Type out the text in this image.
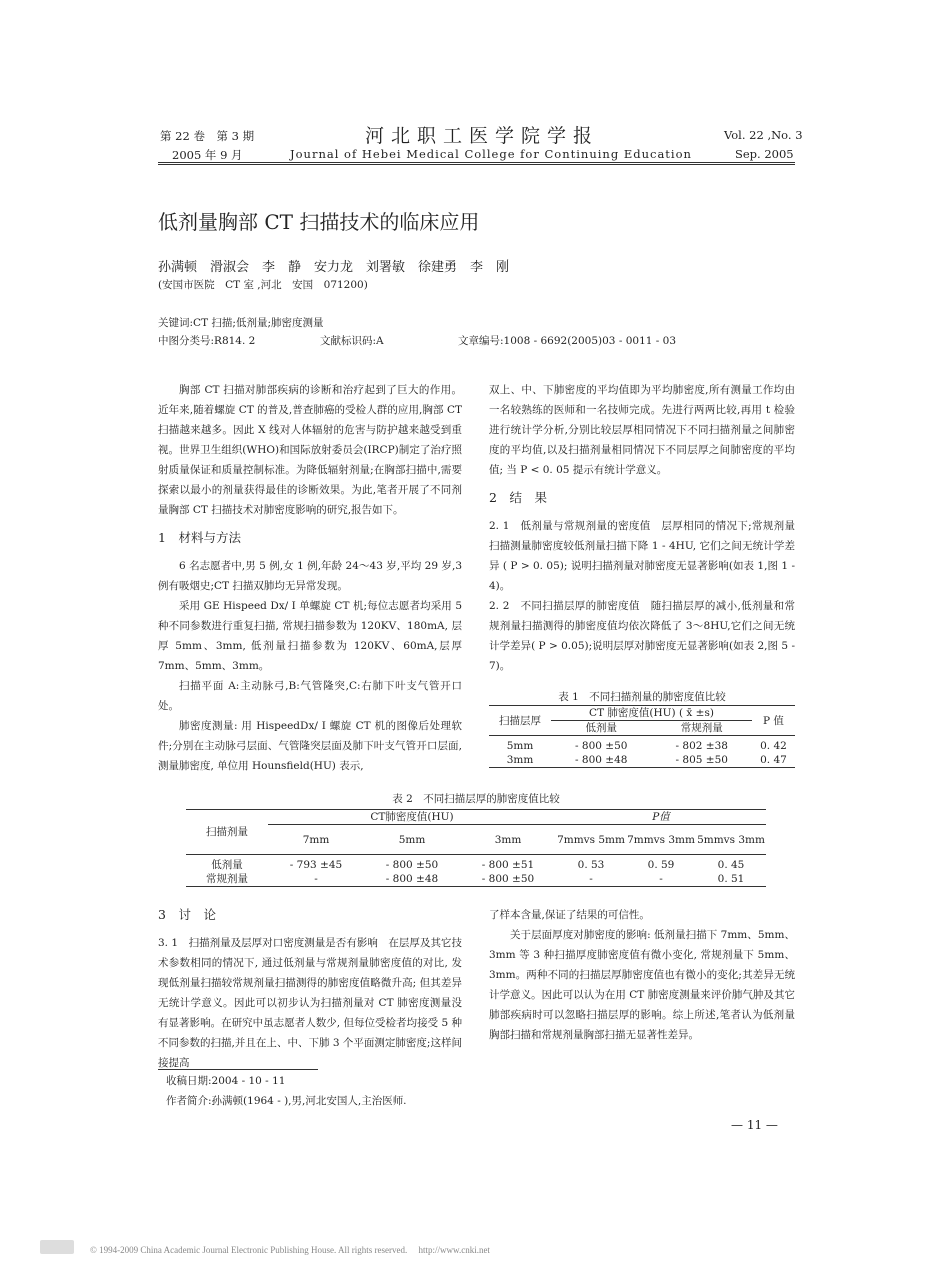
第 22 卷　第 3 期
2005 年 9 月
河北职工医学院学报
Journal of Hebei Medical College for Continuing Education
Vol. 22 ,No. 3
Sep. 2005
低剂量胸部 CT 扫描技术的临床应用
孙满顿　滑淑会　李　静　安力龙　刘署敏　徐建勇　李　刚
(安国市医院　CT 室 ,河北　安国　071200)
关键词:CT 扫描;低剂量;肺密度测量
中图分类号:R814. 2	文献标识码:A	文章编号:1008 - 6692(2005)03 - 0011 - 03

胸部 CT 扫描对肺部疾病的诊断和治疗起到了巨大的作用。近年来,随着螺旋 CT 的普及,普查肺癌的受检人群的应用,胸部 CT 扫描越来越多。因此 X 线对人体辐射的危害与防护越来越受到重视。世界卫生组织(WHO)和国际放射委员会(IRCP)制定了治疗照射质量保证和质量控制标准。为降低辐射剂量;在胸部扫描中,需要探索以最小的剂量获得最佳的诊断效果。为此,笔者开展了不同剂量胸部 CT 扫描技术对肺密度影响的研究,报告如下。

1　材料与方法

6 名志愿者中,男 5 例,女 1 例,年龄 24～43 岁,平均 29 岁,3 例有吸烟史;CT 扫描双肺均无异常发现。

采用 GE Hispeed Dx/ I 单螺旋 CT 机;每位志愿者均采用 5 种不同参数进行重复扫描, 常规扫描参数为 120KV、180mA, 层厚 5mm、3mm, 低剂量扫描参数为 120KV、60mA,层厚 7mm、5mm、3mm。

扫描平面 A:主动脉弓,B:气管隆突,C:右肺下叶支气管开口处。

肺密度测量: 用 HispeedDx/ I 螺旋 CT 机的图像后处理软件;分别在主动脉弓层面、气管隆突层面及肺下叶支气管开口层面, 测量肺密度, 单位用 Hounsfield(HU) 表示,

双上、中、下肺密度的平均值即为平均肺密度,所有测量工作均由一名较熟练的医师和一名技师完成。先进行两两比较,再用 t 检验进行统计学分析,分别比较层厚相同情况下不同扫描剂量之间肺密度的平均值,以及扫描剂量相同情况下不同层厚之间肺密度的平均值; 当 P < 0. 05 提示有统计学意义。

2　结　果

2. 1　低剂量与常规剂量的密度值　层厚相同的情况下;常规剂量扫描测量肺密度较低剂量扫描下降 1 - 4HU, 它们之间无统计学差异 ( P > 0. 05); 说明扫描剂量对肺密度无显著影响(如表 1,图 1 - 4)。

2. 2　不同扫描层厚的肺密度值　随扫描层厚的减小,低剂量和常规剂量扫描测得的肺密度值均依次降低了 3～8HU,它们之间无统计学差异( P > 0.05);说明层厚对肺密度无显著影响(如表 2,图 5 - 7)。

表 1　不同扫描剂量的肺密度值比较
扫描层厚	CT 肺密度值(HU) ( x̄ ±s)		P 值
	低剂量	常规剂量	
5mm	- 800 ±50	- 802 ±38	0. 42
3mm	- 800 ±48	- 805 ±50	0. 47
表 2　不同扫描层厚的肺密度值比较
扫描剂量	CT肺密度值(HU)			P值		
	7mm	5mm	3mm	7mmvs 5mm	7mmvs 3mm	5mmvs 3mm
低剂量	- 793 ±45	- 800 ±50	- 800 ±51	0. 53	0. 59	0. 45
常规剂量	-	- 800 ±48	- 800 ±50	-	-	0. 51
3　讨　论

3. 1　扫描剂量及层厚对口密度测量是否有影响　在层厚及其它技术参数相同的情况下, 通过低剂量与常规剂量肺密度值的对比, 发现低剂量扫描较常规剂量扫描测得的肺密度值略微升高; 但其差异无统计学意义。因此可以初步认为扫描剂量对 CT 肺密度测量没有显著影响。在研究中虽志愿者人数少, 但每位受检者均接受 5 种不同参数的扫描,并且在上、中、下肺 3 个平面测定肺密度;这样间接提高

收稿日期:2004 - 10 - 11
作者简介:孙满顿(1964 - ),男,河北安国人,主治医师.

了样本含量,保证了结果的可信性。

关于层面厚度对肺密度的影响: 低剂量扫描下 7mm、5mm、3mm 等 3 种扫描厚度肺密度值有微小变化, 常规剂量下 5mm、3mm。两种不同的扫描层厚肺密度值也有微小的变化;其差异无统计学意义。因此可以认为在用 CT 肺密度测量来评价肺气肿及其它肺部疾病时可以忽略扫描层厚的影响。综上所述,笔者认为低剂量胸部扫描和常规剂量胸部扫描无显著性差异。

— 11 —
© 1994-2009 China Academic Journal Electronic Publishing House. All rights reserved.　 http://www.cnki.net
